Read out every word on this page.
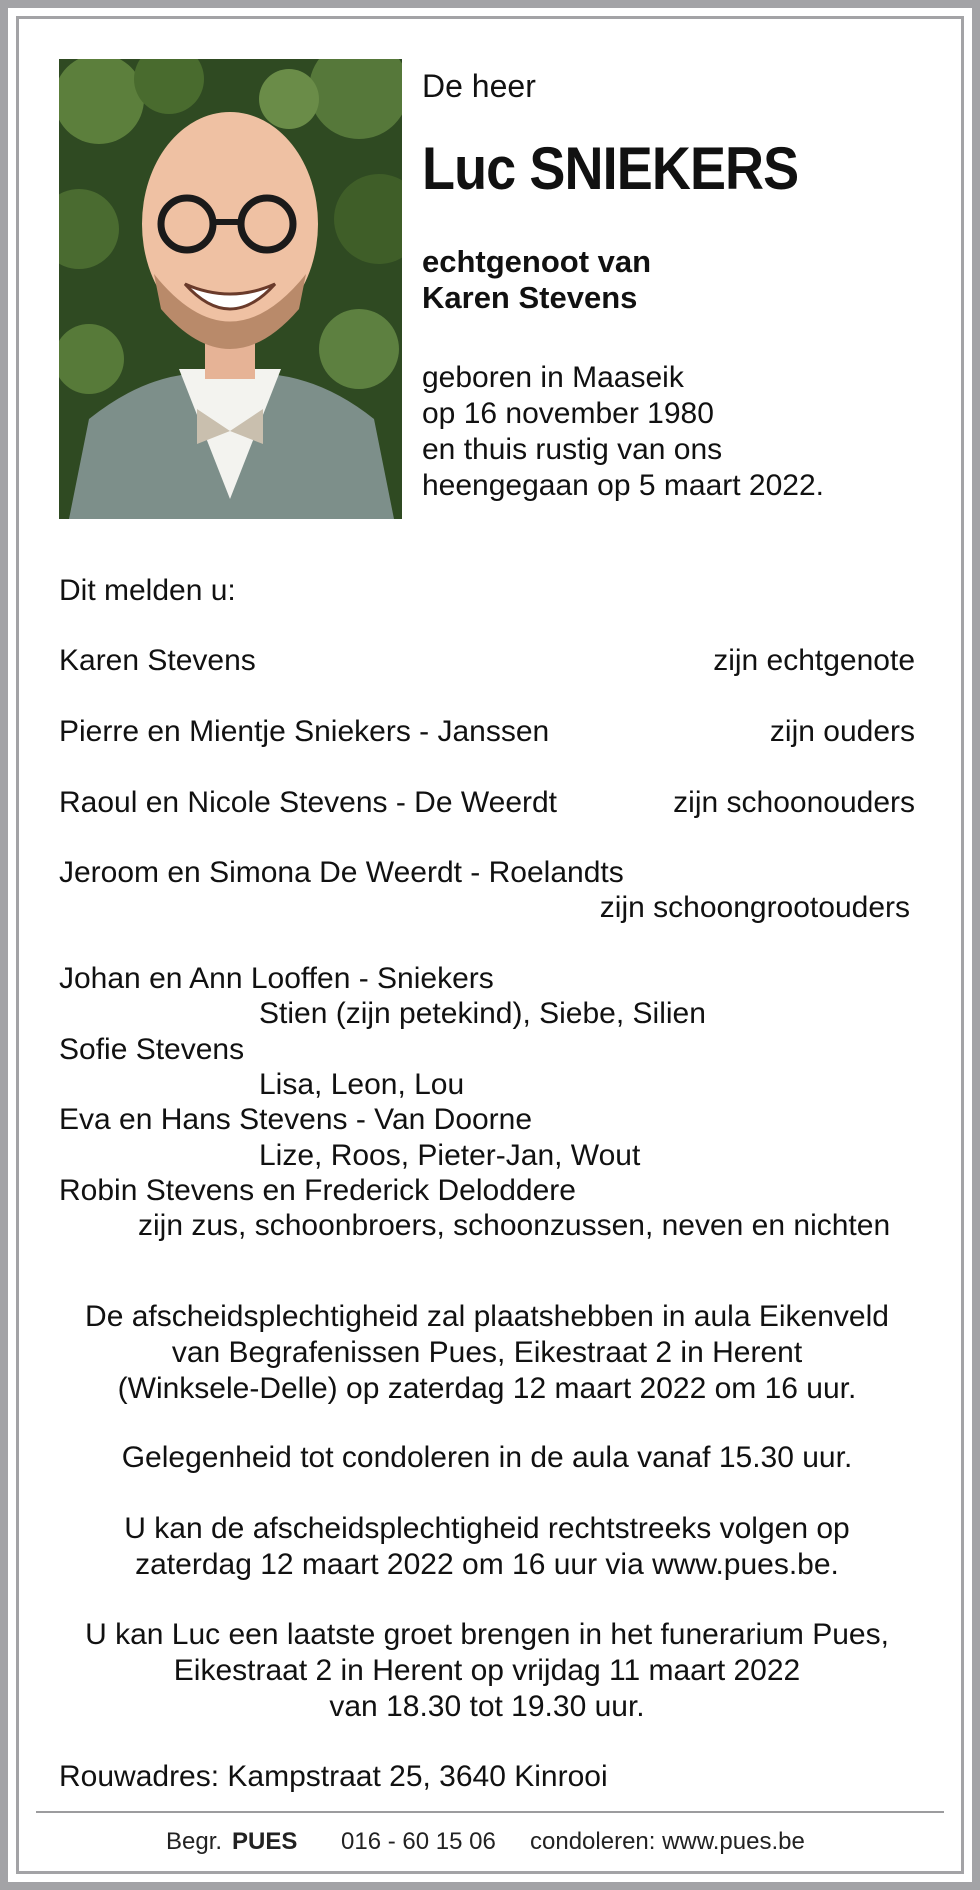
De heer
Luc SNIEKERS
echtgenoot van
Karen Stevens
geboren in Maaseik
op 16 november 1980
en thuis rustig van ons
heengegaan op 5 maart 2022.
Dit melden u:
Karen Stevens	zijn echtgenote
Pierre en Mientje Sniekers - Janssen	zijn ouders
Raoul en Nicole Stevens - De Weerdt	zijn schoonouders
Jeroom en Simona De Weerdt - Roelandts
zijn schoongrootouders
Johan en Ann Looffen - Sniekers
Stien (zijn petekind), Siebe, Silien
Sofie Stevens
Lisa, Leon, Lou
Eva en Hans Stevens - Van Doorne
Lize, Roos, Pieter-Jan, Wout
Robin Stevens en Frederick Deloddere
zijn zus, schoonbroers, schoonzussen, neven en nichten
De afscheidsplechtigheid zal plaatshebben in aula Eikenveld
van Begrafenissen Pues, Eikestraat 2 in Herent
(Winksele-Delle) op zaterdag 12 maart 2022 om 16 uur.
Gelegenheid tot condoleren in de aula vanaf 15.30 uur.
U kan de afscheidsplechtigheid rechtstreeks volgen op
zaterdag 12 maart 2022 om 16 uur via www.pues.be.
U kan Luc een laatste groet brengen in het funerarium Pues,
Eikestraat 2 in Herent op vrijdag 11 maart 2022
van 18.30 tot 19.30 uur.
Rouwadres: Kampstraat 25, 3640 Kinrooi
Begr. PUES 016 - 60 15 06 condoleren: www.pues.be
